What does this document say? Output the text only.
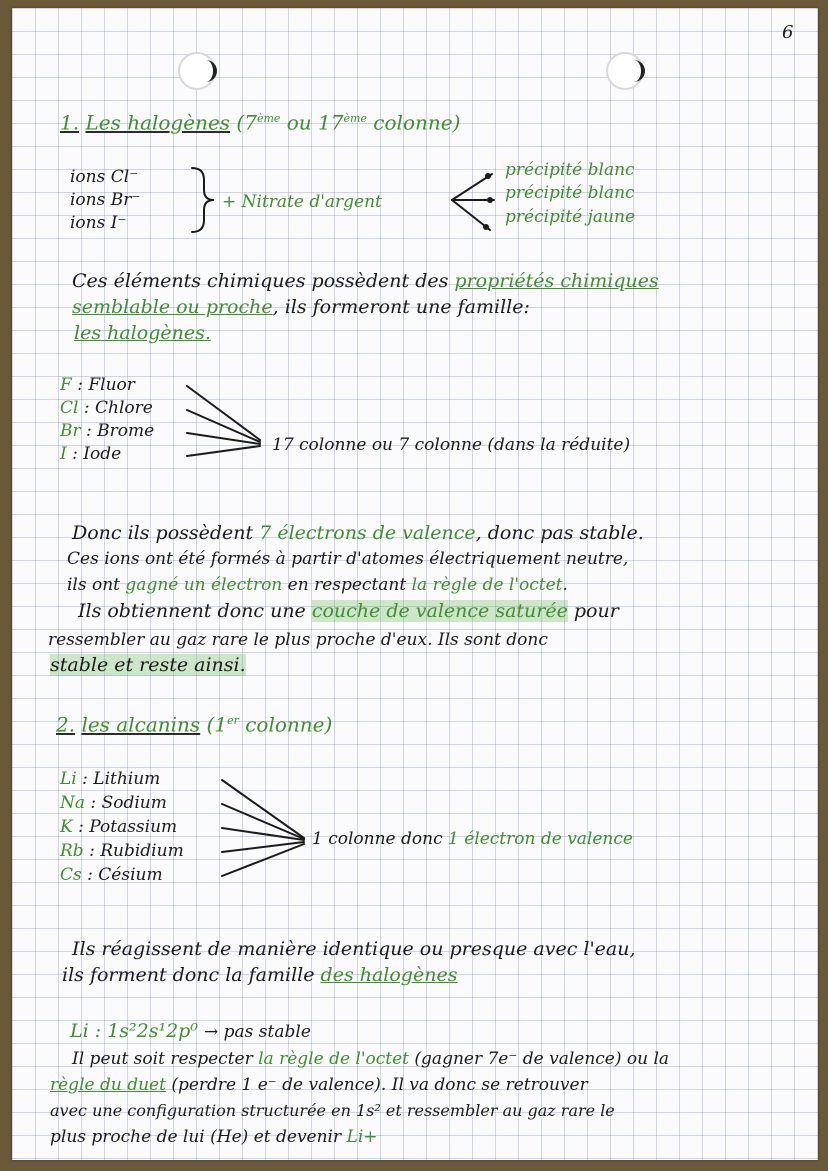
6
1. Les halogènes (7ème ou 17ème colonne)
ions Cl⁻
ions Br⁻
ions I⁻
+ Nitrate d'argent
précipité blanc
précipité blanc
précipité jaune
Ces éléments chimiques possèdent des propriétés chimiques
semblable ou proche, ils formeront une famille:
les halogènes.
F : Fluor
Cl : Chlore
Br : Brome
I : Iode	17 colonne ou 7 colonne (dans la réduite)
Donc ils possèdent 7 électrons de valence, donc pas stable.
Ces ions ont été formés à partir d'atomes électriquement neutre,
ils ont gagné un électron en respectant la règle de l'octet.
Ils obtiennent donc une couche de valence saturée pour
ressembler au gaz rare le plus proche d'eux. Ils sont donc
stable et reste ainsi.
2. les alcanins (1er colonne)
Li : Lithium
Na : Sodium
K : Potassium
Rb : Rubidium
Cs : Césium
1 colonne donc 1 électron de valence
Ils réagissent de manière identique ou presque avec l'eau,
ils forment donc la famille des halogènes
Li : 1s²2s¹2p⁰ → pas stable
Il peut soit respecter la règle de l'octet (gagner 7e⁻ de valence) ou la
règle du duet (perdre 1 e⁻ de valence). Il va donc se retrouver
avec une configuration structurée en 1s² et ressembler au gaz rare le
plus proche de lui (He) et devenir Li+
